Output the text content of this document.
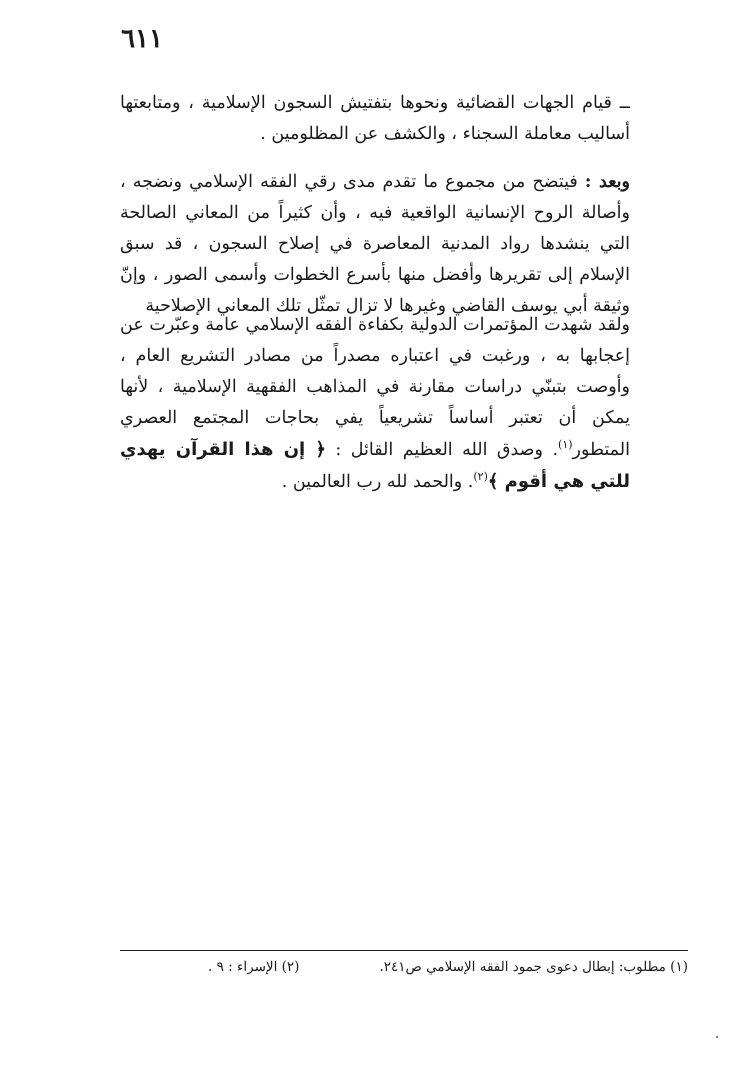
٦١١

ــ قيام الجهات القضائية ونحوها بتفتيش السجون الإسلامية ، ومتابعتها أساليب معاملة السجناء ، والكشف عن المظلومين .

وبعد : فيتضح من مجموع ما تقدم مدى رقي الفقه الإسلامي ونضجه ، وأصالة الروح الإنسانية الواقعية فيه ، وأن كثيراً من المعاني الصالحة التي ينشدها رواد المدنية المعاصرة في إصلاح السجون ، قد سبق الإسلام إلى تقريرها وأفضل منها بأسرع الخطوات وأسمى الصور ، وإنّ وثيقة أبي يوسف القاضي وغيرها لا تزال تمثّل تلك المعاني الإصلاحية

ولقد شهدت المؤتمرات الدولية بكفاءة الفقه الإسلامي عامة وعبّرت عن إعجابها به ، ورغبت في اعتباره مصدراً من مصادر التشريع العام ، وأوصت بتبنّي دراسات مقارنة في المذاهب الفقهية الإسلامية ، لأنها يمكن أن تعتبر أساساً تشريعياً يفي بحاجات المجتمع العصري المتطور$^{(١)}$. وصدق الله العظيم القائل : ﴿ إن هذا القرآن يهدي للتي هي أقوم ﴾$^{(٢)}$. والحمد لله رب العالمين .

(١) مطلوب: إبطال دعوى جمود الفقه الإسلامي ص٢٤١.
(٢) الإسراء : ٩ .
